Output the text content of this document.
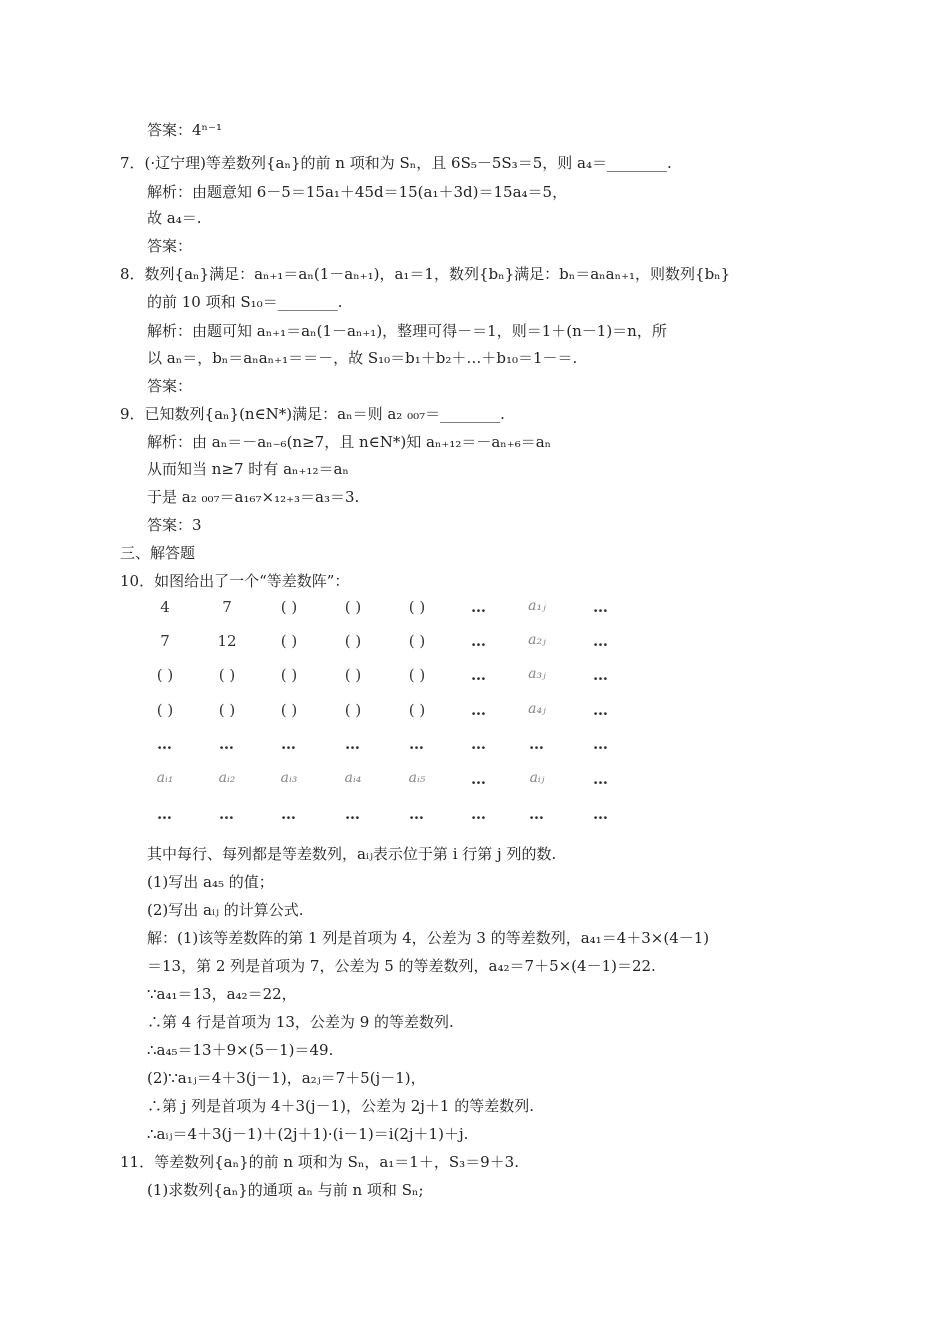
答案：4ⁿ⁻¹
7．(·辽宁理)等差数列{aₙ}的前 n 项和为 Sₙ，且 6S₅－5S₃＝5，则 a₄＝________.
解析：由题意知 6－5＝15a₁＋45d＝15(a₁＋3d)＝15a₄＝5，
故 a₄＝.
答案：
8．数列{aₙ}满足：aₙ₊₁＝aₙ(1－aₙ₊₁)，a₁＝1，数列{bₙ}满足：bₙ＝aₙaₙ₊₁，则数列{bₙ}
的前 10 项和 S₁₀＝________.
解析：由题可知 aₙ₊₁＝aₙ(1－aₙ₊₁)，整理可得－＝1，则＝1＋(n－1)＝n，所
以 aₙ＝，bₙ＝aₙaₙ₊₁＝＝－，故 S₁₀＝b₁＋b₂＋…＋b₁₀＝1－＝.
答案：
9．已知数列{aₙ}(n∈N*)满足：aₙ＝则 a₂ ₀₀₇＝________.
解析：由 aₙ＝－aₙ₋₆(n≥7，且 n∈N*)知 aₙ₊₁₂＝－aₙ₊₆＝aₙ
从而知当 n≥7 时有 aₙ₊₁₂＝aₙ
于是 a₂ ₀₀₇＝a₁₆₇×₁₂₊₃＝a₃＝3.
答案：3
三、解答题
10．如图给出了一个“等差数阵”：
4	7	( )	( )	( )	…	a₁ⱼ	…
7	12	( )	( )	( )	…	a₂ⱼ	…
( )	( )	( )	( )	( )	…	a₃ⱼ	…
( )	( )	( )	( )	( )	…	a₄ⱼ	…
…	…	…	…	…	…	…	…
aᵢ₁	aᵢ₂	aᵢ₃	aᵢ₄	aᵢ₅	…	aᵢⱼ	…
…	…	…	…	…	…	…	…
其中每行、每列都是等差数列，aᵢⱼ表示位于第 i 行第 j 列的数.
(1)写出 a₄₅ 的值；
(2)写出 aᵢⱼ 的计算公式.
解：(1)该等差数阵的第 1 列是首项为 4，公差为 3 的等差数列，a₄₁＝4＋3×(4－1)
＝13，第 2 列是首项为 7，公差为 5 的等差数列，a₄₂＝7＋5×(4－1)＝22.
∵a₄₁＝13，a₄₂＝22，
∴第 4 行是首项为 13，公差为 9 的等差数列.
∴a₄₅＝13＋9×(5－1)＝49.
(2)∵a₁ⱼ＝4＋3(j－1)，a₂ⱼ＝7＋5(j－1)，
∴第 j 列是首项为 4＋3(j－1)，公差为 2j＋1 的等差数列.
∴aᵢⱼ＝4＋3(j－1)＋(2j＋1)·(i－1)＝i(2j＋1)＋j.
11．等差数列{aₙ}的前 n 项和为 Sₙ，a₁＝1＋，S₃＝9＋3.
(1)求数列{aₙ}的通项 aₙ 与前 n 项和 Sₙ;
